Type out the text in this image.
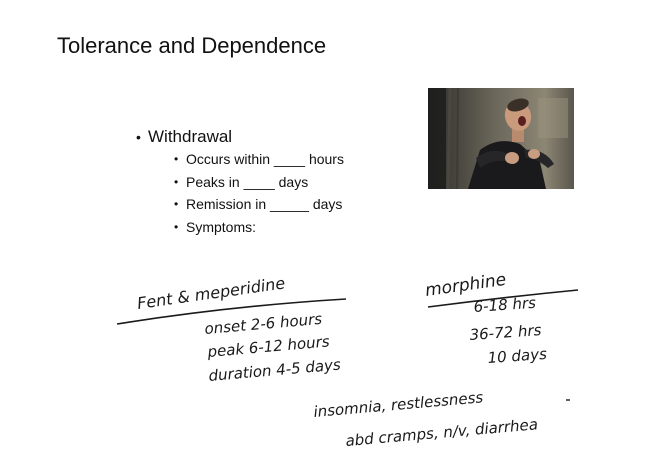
Tolerance and Dependence
• Withdrawal
• Occurs within ____ hours
• Peaks in ____ days
• Remission in _____ days
• Symptoms:
Fent & meperidine
onset 2-6 hours
peak 6-12 hours
duration 4-5 days
morphine
6-18 hrs
36-72 hrs
10 days
insomnia, restlessness
abd cramps, n/v, diarrhea
